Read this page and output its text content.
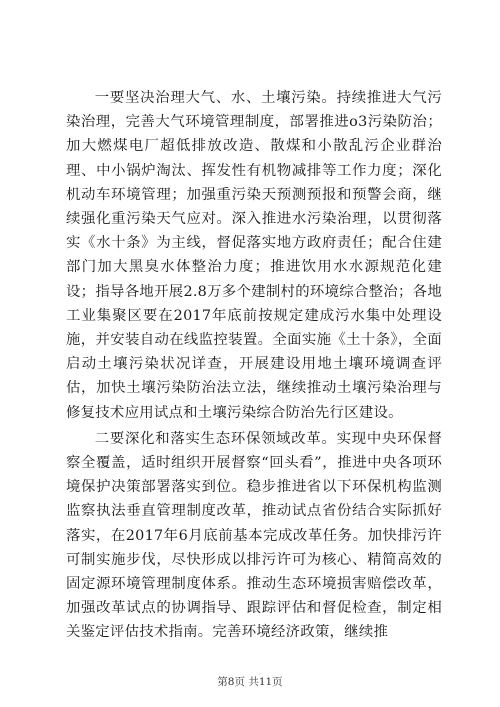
一要坚决治理大气、水、土壤污染。持续推进大气污染治理，完善大气环境管理制度，部署推进o3污染防治；加大燃煤电厂超低排放改造、散煤和小散乱污企业群治理、中小锅炉淘汰、挥发性有机物减排等工作力度；深化机动车环境管理；加强重污染天预测预报和预警会商，继续强化重污染天气应对。深入推进水污染治理，以贯彻落实《水十条》为主线，督促落实地方政府责任；配合住建部门加大黑臭水体整治力度；推进饮用水水源规范化建设；指导各地开展2.8万多个建制村的环境综合整治；各地工业集聚区要在2017年底前按规定建成污水集中处理设施，并安装自动在线监控装置。全面实施《土十条》，全面启动土壤污染状况详查，开展建设用地土壤环境调查评估，加快土壤污染防治法立法，继续推动土壤污染治理与修复技术应用试点和土壤污染综合防治先行区建设。

二要深化和落实生态环保领域改革。实现中央环保督察全覆盖，适时组织开展督察“回头看”，推进中央各项环境保护决策部署落实到位。稳步推进省以下环保机构监测监察执法垂直管理制度改革，推动试点省份结合实际抓好落实，在2017年6月底前基本完成改革任务。加快排污许可制实施步伐，尽快形成以排污许可为核心、精简高效的固定源环境管理制度体系。推动生态环境损害赔偿改革，加强改革试点的协调指导、跟踪评估和督促检查，制定相关鉴定评估技术指南。完善环境经济政策，继续推

第8页 共11页
